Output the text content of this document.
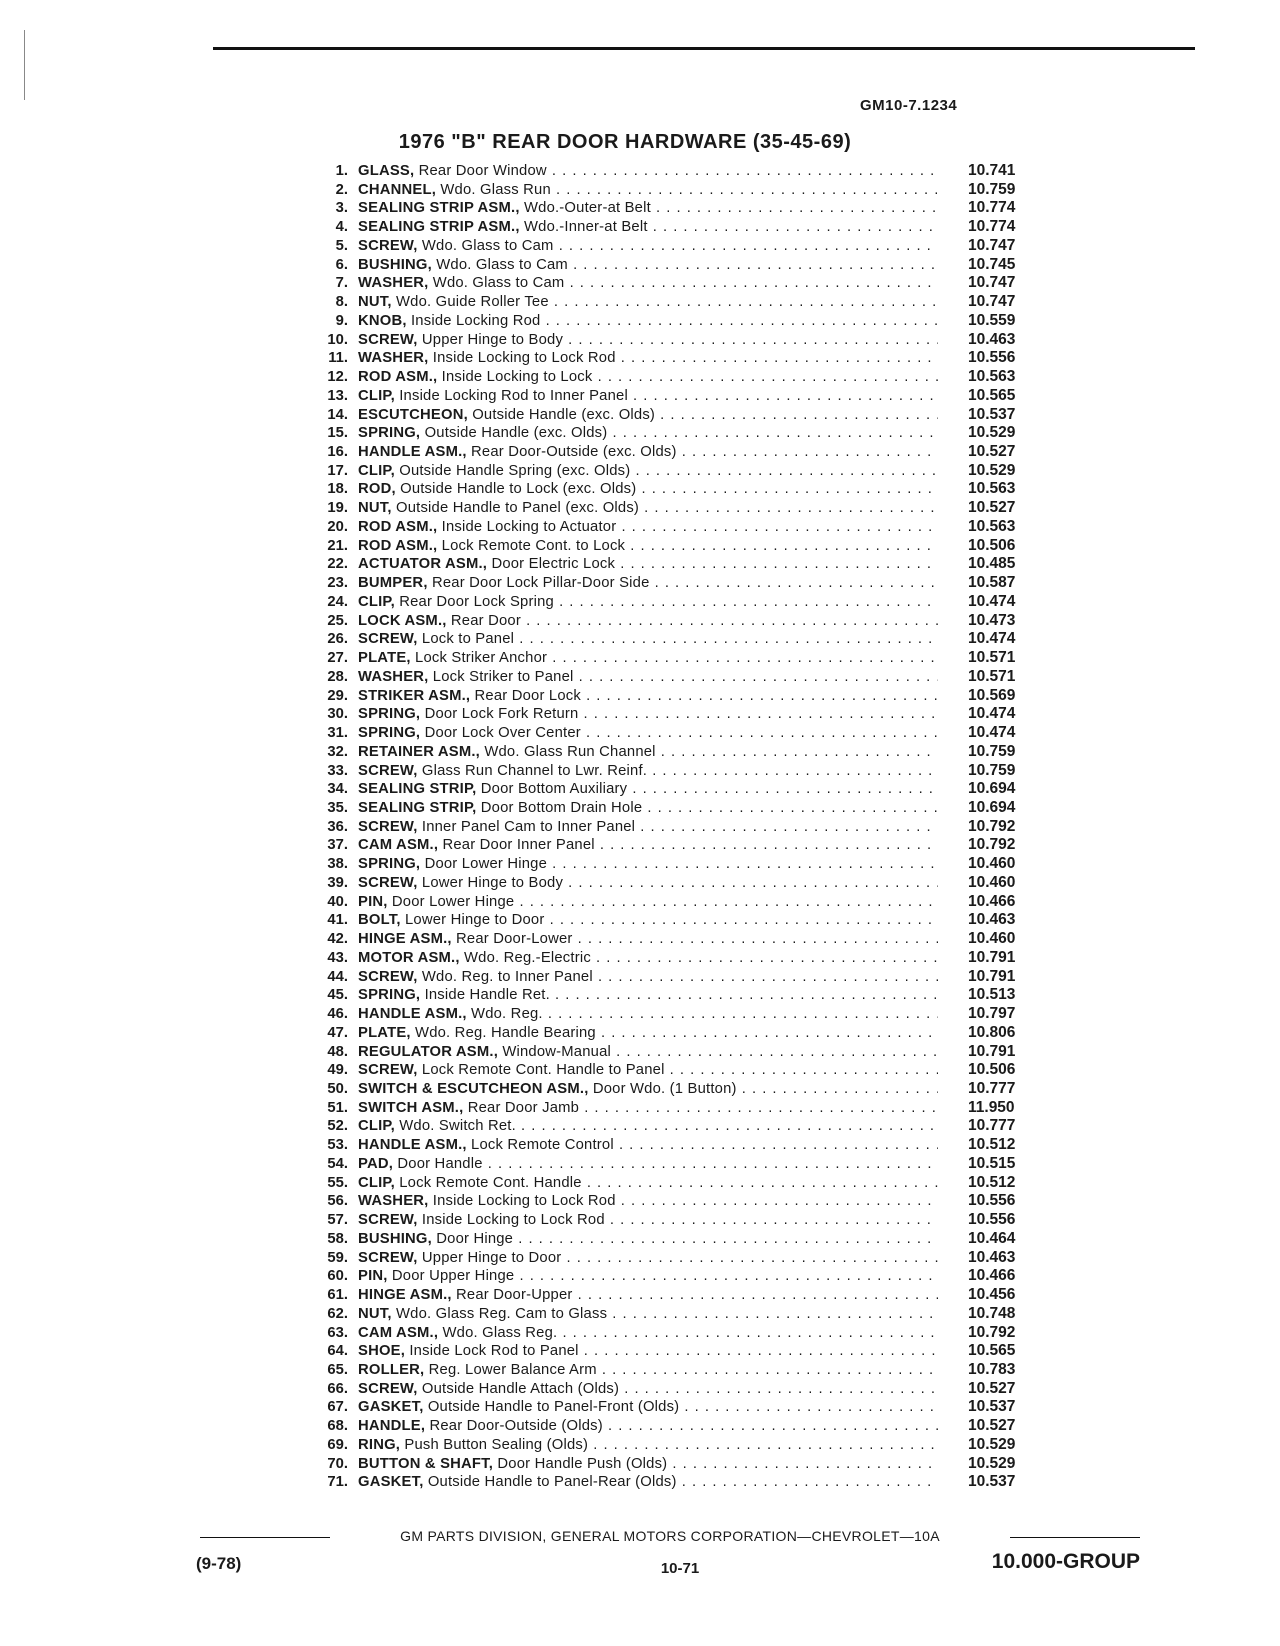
GM10-7.1234
1976 "B" REAR DOOR HARDWARE (35-45-69)
1. GLASS, Rear Door Window . . .	10.741
2. CHANNEL, Wdo. Glass Run . . .	10.759
3. SEALING STRIP ASM., Wdo.-Outer-at Belt . . .	10.774
4. SEALING STRIP ASM., Wdo.-Inner-at Belt . . .	10.774
5. SCREW, Wdo. Glass to Cam . . .	10.747
6. BUSHING, Wdo. Glass to Cam . . .	10.745
7. WASHER, Wdo. Glass to Cam . . .	10.747
8. NUT, Wdo. Guide Roller Tee . . .	10.747
9. KNOB, Inside Locking Rod . . .	10.559
10. SCREW, Upper Hinge to Body . . .	10.463
11. WASHER, Inside Locking to Lock Rod . . .	10.556
12. ROD ASM., Inside Locking to Lock . . .	10.563
13. CLIP, Inside Locking Rod to Inner Panel . . .	10.565
14. ESCUTCHEON, Outside Handle (exc. Olds) . . .	10.537
15. SPRING, Outside Handle (exc. Olds) . . .	10.529
16. HANDLE ASM., Rear Door-Outside (exc. Olds) . . .	10.527
17. CLIP, Outside Handle Spring (exc. Olds) . . .	10.529
18. ROD, Outside Handle to Lock (exc. Olds) . . .	10.563
19. NUT, Outside Handle to Panel (exc. Olds) . . .	10.527
20. ROD ASM., Inside Locking to Actuator . . .	10.563
21. ROD ASM., Lock Remote Cont. to Lock . . .	10.506
22. ACTUATOR ASM., Door Electric Lock . . .	10.485
23. BUMPER, Rear Door Lock Pillar-Door Side . . .	10.587
24. CLIP, Rear Door Lock Spring . . .	10.474
25. LOCK ASM., Rear Door . . .	10.473
26. SCREW, Lock to Panel . . .	10.474
27. PLATE, Lock Striker Anchor . . .	10.571
28. WASHER, Lock Striker to Panel . . .	10.571
29. STRIKER ASM., Rear Door Lock . . .	10.569
30. SPRING, Door Lock Fork Return . . .	10.474
31. SPRING, Door Lock Over Center . . .	10.474
32. RETAINER ASM., Wdo. Glass Run Channel . . .	10.759
33. SCREW, Glass Run Channel to Lwr. Reinf. . . .	10.759
34. SEALING STRIP, Door Bottom Auxiliary . . .	10.694
35. SEALING STRIP, Door Bottom Drain Hole . . .	10.694
36. SCREW, Inner Panel Cam to Inner Panel . . .	10.792
37. CAM ASM., Rear Door Inner Panel . . .	10.792
38. SPRING, Door Lower Hinge . . .	10.460
39. SCREW, Lower Hinge to Body . . .	10.460
40. PIN, Door Lower Hinge . . .	10.466
41. BOLT, Lower Hinge to Door . . .	10.463
42. HINGE ASM., Rear Door-Lower . . .	10.460
43. MOTOR ASM., Wdo. Reg.-Electric . . .	10.791
44. SCREW, Wdo. Reg. to Inner Panel . . .	10.791
45. SPRING, Inside Handle Ret. . . .	10.513
46. HANDLE ASM., Wdo. Reg. . . .	10.797
47. PLATE, Wdo. Reg. Handle Bearing . . .	10.806
48. REGULATOR ASM., Window-Manual . . .	10.791
49. SCREW, Lock Remote Cont. Handle to Panel . . .	10.506
50. SWITCH & ESCUTCHEON ASM., Door Wdo. (1 Button) . . .	10.777
51. SWITCH ASM., Rear Door Jamb . . .	11.950
52. CLIP, Wdo. Switch Ret. . . .	10.777
53. HANDLE ASM., Lock Remote Control . . .	10.512
54. PAD, Door Handle . . .	10.515
55. CLIP, Lock Remote Cont. Handle . . .	10.512
56. WASHER, Inside Locking to Lock Rod . . .	10.556
57. SCREW, Inside Locking to Lock Rod . . .	10.556
58. BUSHING, Door Hinge . . .	10.464
59. SCREW, Upper Hinge to Door . . .	10.463
60. PIN, Door Upper Hinge . . .	10.466
61. HINGE ASM., Rear Door-Upper . . .	10.456
62. NUT, Wdo. Glass Reg. Cam to Glass . . .	10.748
63. CAM ASM., Wdo. Glass Reg. . . .	10.792
64. SHOE, Inside Lock Rod to Panel . . .	10.565
65. ROLLER, Reg. Lower Balance Arm . . .	10.783
66. SCREW, Outside Handle Attach (Olds) . . .	10.527
67. GASKET, Outside Handle to Panel-Front (Olds) . . .	10.537
68. HANDLE, Rear Door-Outside (Olds) . . .	10.527
69. RING, Push Button Sealing (Olds) . . .	10.529
70. BUTTON & SHAFT, Door Handle Push (Olds) . . .	10.529
71. GASKET, Outside Handle to Panel-Rear (Olds) . . .	10.537
GM PARTS DIVISION, GENERAL MOTORS CORPORATION—CHEVROLET—10A
(9-78)	10-71	10.000-GROUP
